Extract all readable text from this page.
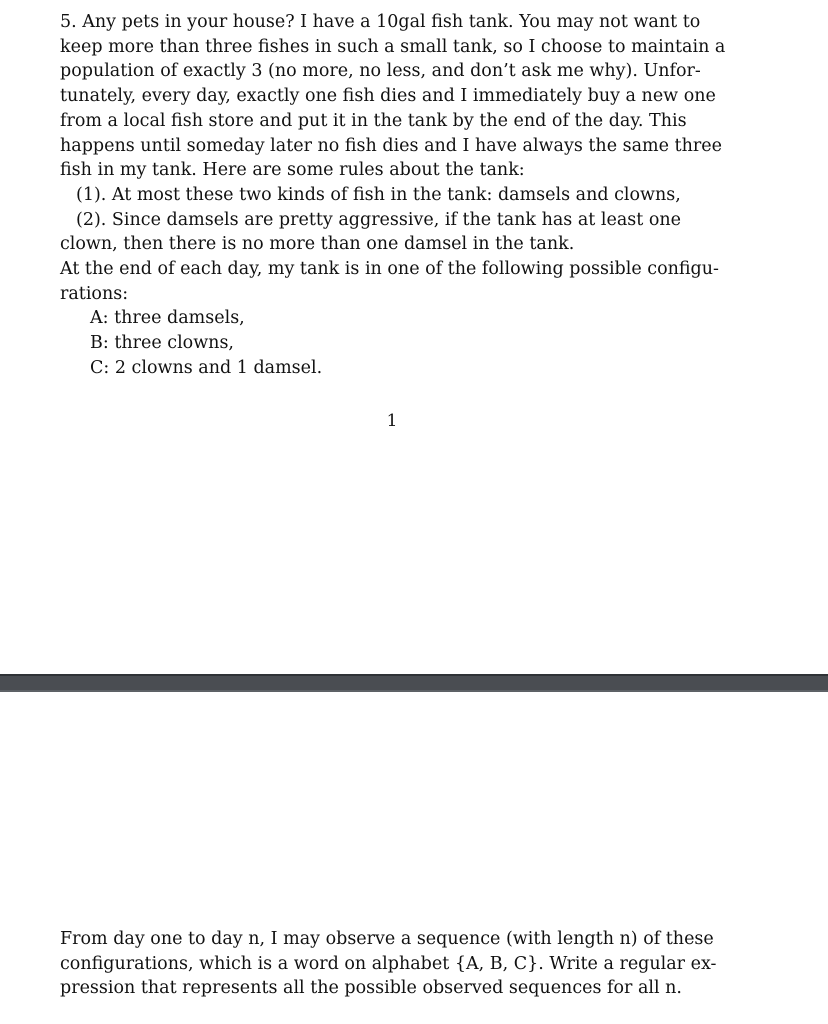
5. Any pets in your house? I have a 10gal fish tank. You may not want to
keep more than three fishes in such a small tank, so I choose to maintain a
population of exactly 3 (no more, no less, and don’t ask me why). Unfor-
tunately, every day, exactly one fish dies and I immediately buy a new one
from a local fish store and put it in the tank by the end of the day. This
happens until someday later no fish dies and I have always the same three
fish in my tank. Here are some rules about the tank:
(1). At most these two kinds of fish in the tank: damsels and clowns,
(2). Since damsels are pretty aggressive, if the tank has at least one
clown, then there is no more than one damsel in the tank.
At the end of each day, my tank is in one of the following possible configu-
rations:
A: three damsels,
B: three clowns,
C: 2 clowns and 1 damsel.
1
From day one to day n, I may observe a sequence (with length n) of these
configurations, which is a word on alphabet {A, B, C}. Write a regular ex-
pression that represents all the possible observed sequences for all n.
